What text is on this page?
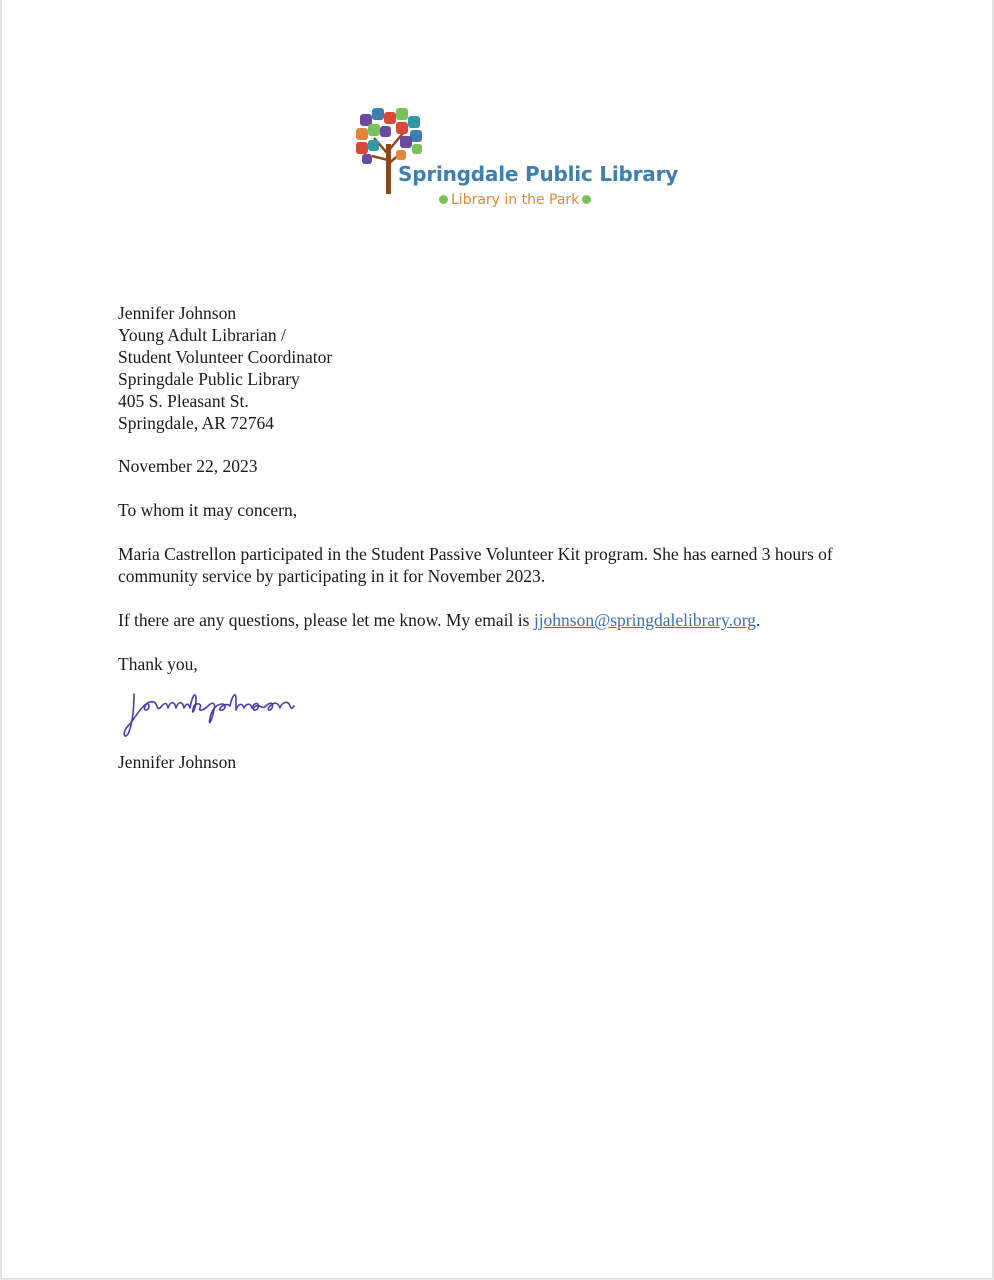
Springdale Public Library
Library in the Park
Jennifer Johnson
Young Adult Librarian /
Student Volunteer Coordinator
Springdale Public Library
405 S. Pleasant St.
Springdale, AR 72764
November 22, 2023
To whom it may concern,
Maria Castrellon participated in the Student Passive Volunteer Kit program. She has earned 3 hours of community service by participating in it for November 2023.
If there are any questions, please let me know. My email is jjohnson@springdalelibrary.org.
Thank you,
Jennifer Johnson
